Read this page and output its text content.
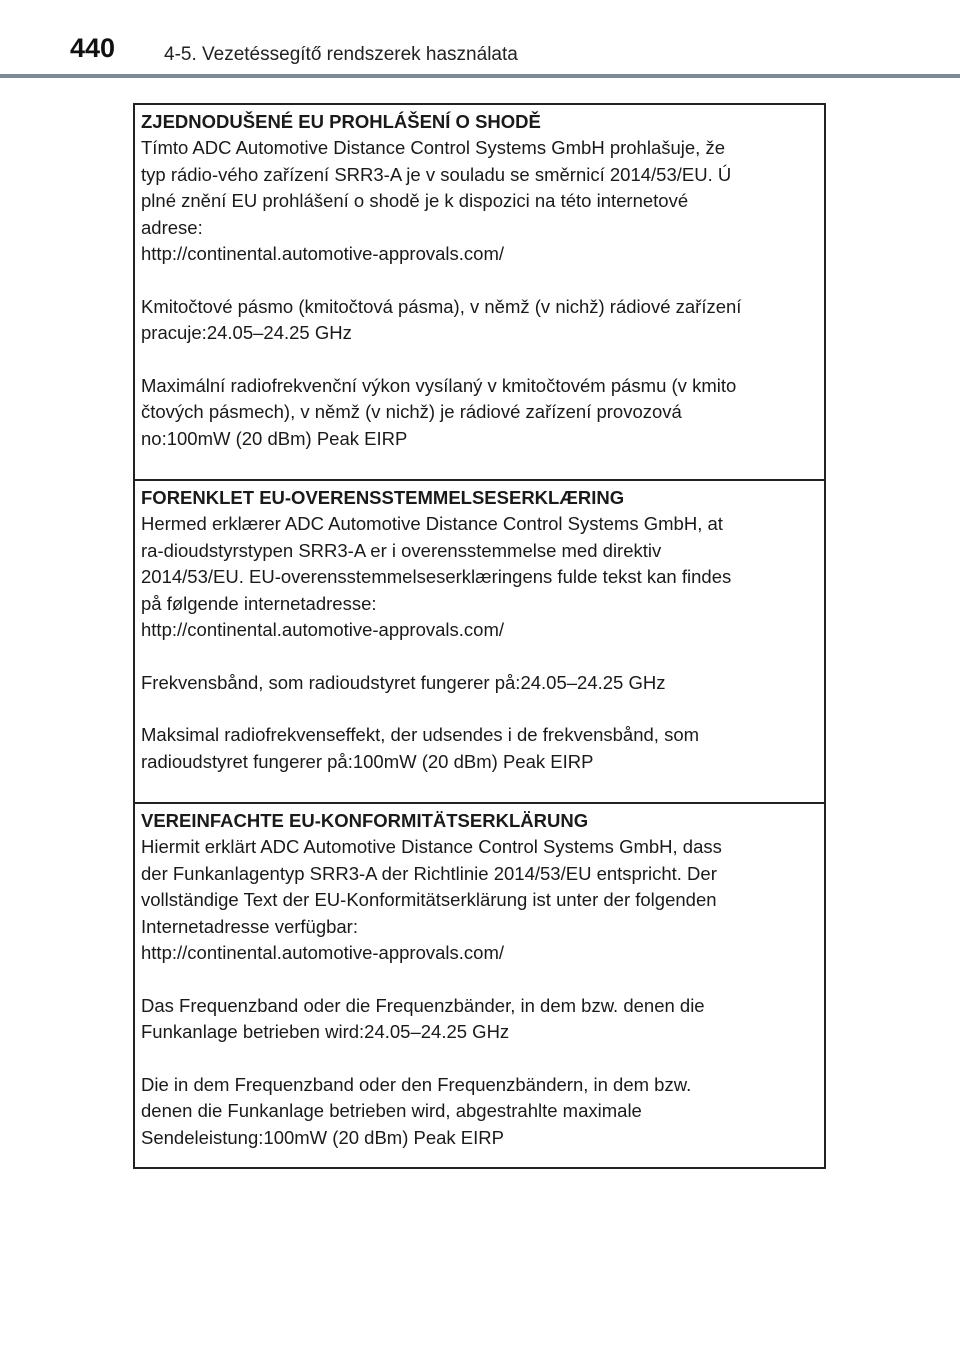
440	4-5. Vezetéssegítő rendszerek használata

ZJEDNODUŠENÉ EU PROHLÁŠENÍ O SHODĚ

Tímto ADC Automotive Distance Control Systems GmbH prohlašuje, že
typ rádio-vého zařízení SRR3-A je v souladu se směrnicí 2014/53/EU. Ú
plné znění EU prohlášení o shodě je k dispozici na této internetové
adrese:
http://continental.automotive-approvals.com/
Kmitočtové pásmo (kmitočtová pásma), v němž (v nichž) rádiové zařízení
pracuje:24.05–24.25 GHz
Maximální radiofrekvenční výkon vysílaný v kmitočtovém pásmu (v kmito
čtových pásmech), v němž (v nichž) je rádiové zařízení provozová
no:100mW (20 dBm) Peak EIRP

FORENKLET EU-OVERENSSTEMMELSESERKLÆRING

Hermed erklærer ADC Automotive Distance Control Systems GmbH, at
ra-dioudstyrstypen SRR3-A er i overensstemmelse med direktiv
2014/53/EU. EU-overensstemmelseserklæringens fulde tekst kan findes
på følgende internetadresse:
http://continental.automotive-approvals.com/
Frekvensbånd, som radioudstyret fungerer på:24.05–24.25 GHz
Maksimal radiofrekvenseffekt, der udsendes i de frekvensbånd, som
radioudstyret fungerer på:100mW (20 dBm) Peak EIRP

VEREINFACHTE EU-KONFORMITÄTSERKLÄRUNG

Hiermit erklärt ADC Automotive Distance Control Systems GmbH, dass
der Funkanlagentyp SRR3-A der Richtlinie 2014/53/EU entspricht. Der
vollständige Text der EU-Konformitätserklärung ist unter der folgenden
Internetadresse verfügbar:
http://continental.automotive-approvals.com/
Das Frequenzband oder die Frequenzbänder, in dem bzw. denen die
Funkanlage betrieben wird:24.05–24.25 GHz
Die in dem Frequenzband oder den Frequenzbändern, in dem bzw.
denen die Funkanlage betrieben wird, abgestrahlte maximale
Sendeleistung:100mW (20 dBm) Peak EIRP
